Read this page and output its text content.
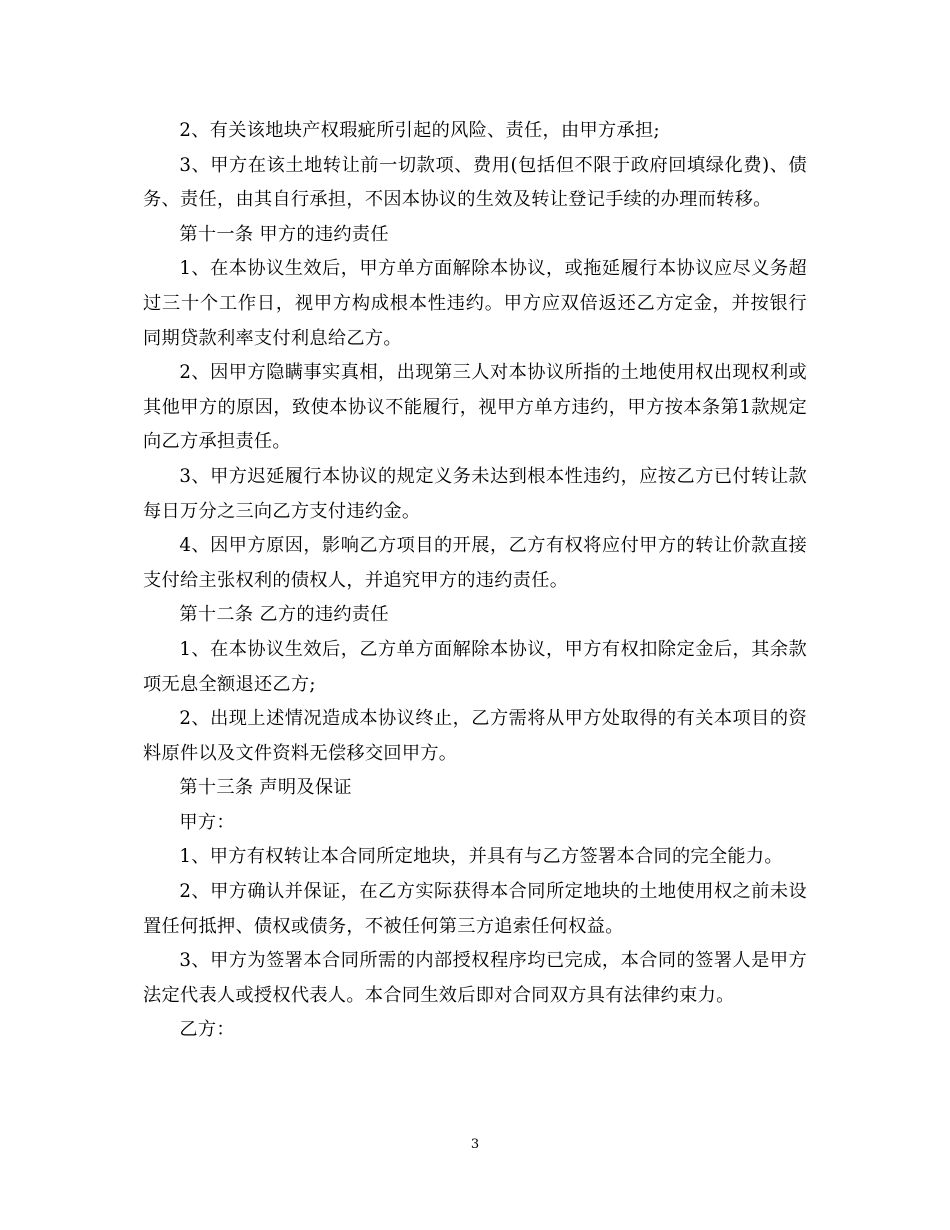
2、有关该地块产权瑕疵所引起的风险、责任，由甲方承担;

3、甲方在该土地转让前一切款项、费用(包括但不限于政府回填绿化费)、债务、责任，由其自行承担，不因本协议的生效及转让登记手续的办理而转移。

第十一条 甲方的违约责任

1、在本协议生效后，甲方单方面解除本协议，或拖延履行本协议应尽义务超过三十个工作日，视甲方构成根本性违约。甲方应双倍返还乙方定金，并按银行同期贷款利率支付利息给乙方。

2、因甲方隐瞒事实真相，出现第三人对本协议所指的土地使用权出现权利或其他甲方的原因，致使本协议不能履行，视甲方单方违约，甲方按本条第1款规定向乙方承担责任。

3、甲方迟延履行本协议的规定义务未达到根本性违约，应按乙方已付转让款每日万分之三向乙方支付违约金。

4、因甲方原因，影响乙方项目的开展，乙方有权将应付甲方的转让价款直接支付给主张权利的债权人，并追究甲方的违约责任。

第十二条 乙方的违约责任

1、在本协议生效后，乙方单方面解除本协议，甲方有权扣除定金后，其余款项无息全额退还乙方;

2、出现上述情况造成本协议终止，乙方需将从甲方处取得的有关本项目的资料原件以及文件资料无偿移交回甲方。

第十三条 声明及保证

甲方：

1、甲方有权转让本合同所定地块，并具有与乙方签署本合同的完全能力。

2、甲方确认并保证，在乙方实际获得本合同所定地块的土地使用权之前未设置任何抵押、债权或债务，不被任何第三方追索任何权益。

3、甲方为签署本合同所需的内部授权程序均已完成，本合同的签署人是甲方法定代表人或授权代表人。本合同生效后即对合同双方具有法律约束力。

乙方：

3
